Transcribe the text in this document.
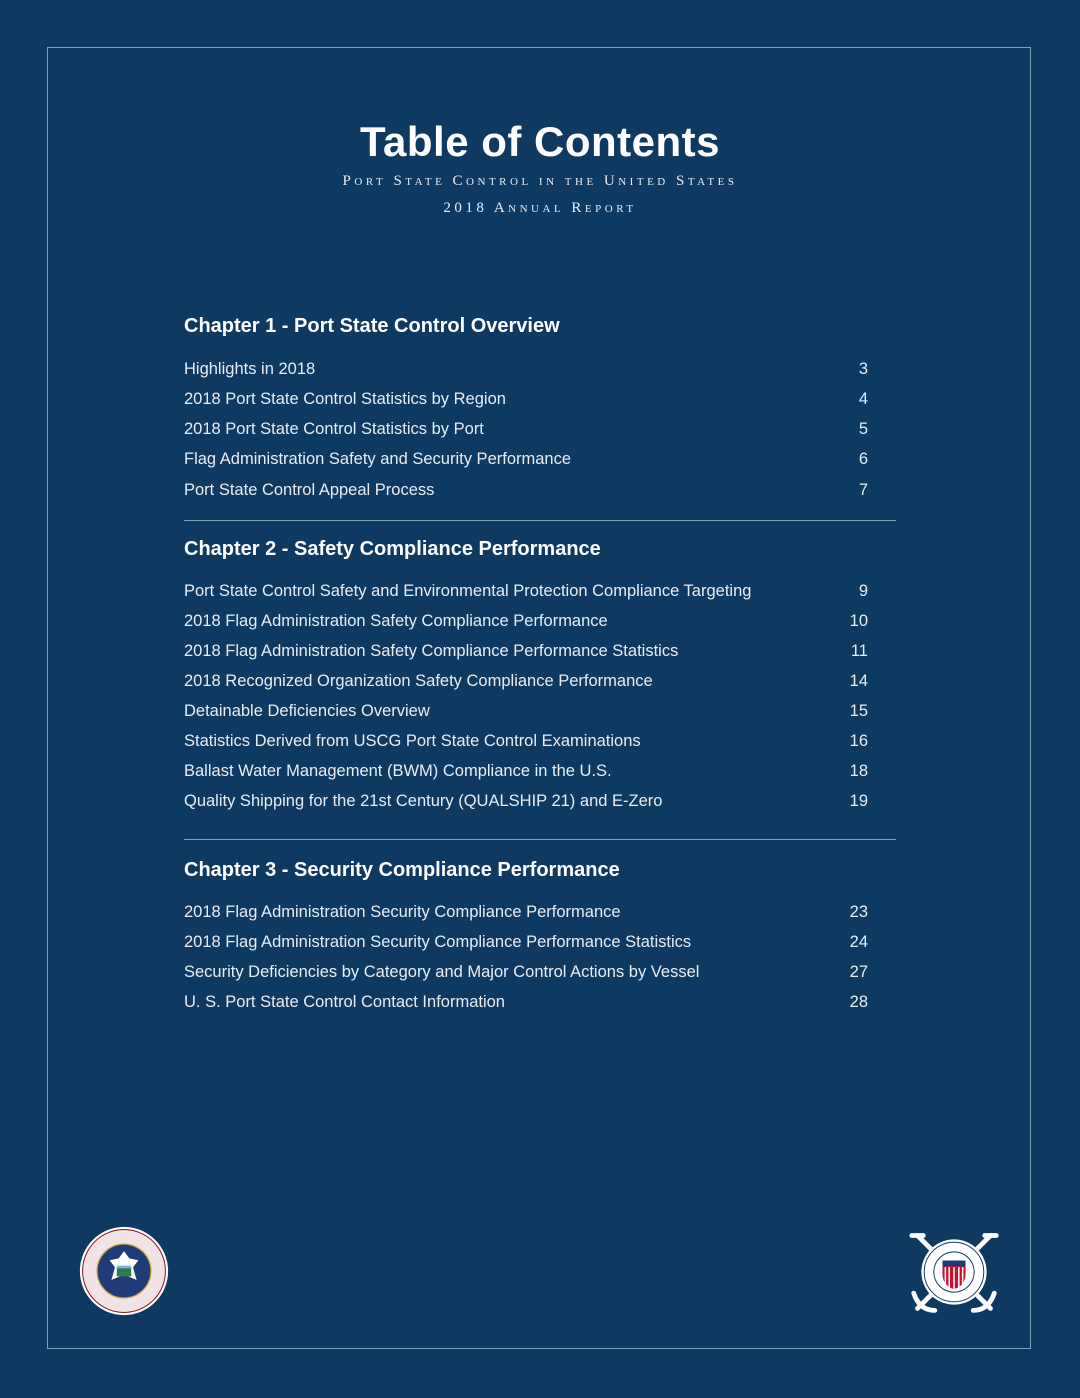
Table of Contents
Port State Control in the United States
2018 Annual Report
Chapter 1 - Port State Control Overview
Highlights in 2018	3
2018 Port State Control Statistics by Region	4
2018 Port State Control Statistics by Port	5
Flag Administration Safety and Security Performance	6
Port State Control Appeal Process	7
Chapter 2 - Safety Compliance Performance
Port State Control Safety and Environmental Protection Compliance Targeting	9
2018 Flag Administration Safety Compliance Performance	10
2018 Flag Administration Safety Compliance Performance Statistics	11
2018 Recognized Organization Safety Compliance Performance	14
Detainable Deficiencies Overview	15
Statistics Derived from USCG Port State Control Examinations	16
Ballast Water Management (BWM) Compliance in the U.S.	18
Quality Shipping for the 21st Century (QUALSHIP 21) and E-Zero	19
Chapter 3 - Security Compliance Performance
2018 Flag Administration Security Compliance Performance	23
2018 Flag Administration Security Compliance Performance Statistics	24
Security Deficiencies by Category and Major Control Actions by Vessel	27
U. S. Port State Control Contact Information	28
